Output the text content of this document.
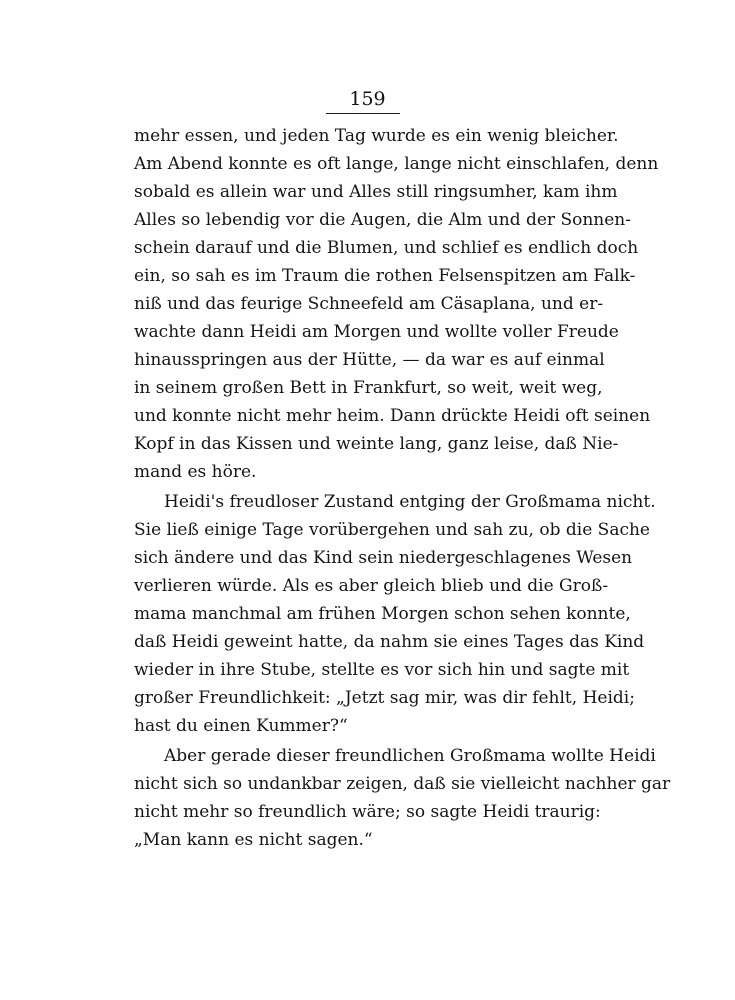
159
mehr essen, und jeden Tag wurde es ein wenig bleicher.
Am Abend konnte es oft lange, lange nicht einschlafen, denn
sobald es allein war und Alles still ringsumher, kam ihm
Alles so lebendig vor die Augen, die Alm und der Sonnen-
schein darauf und die Blumen, und schlief es endlich doch
ein, so sah es im Traum die rothen Felsenspitzen am Falk-
niß und das feurige Schneefeld am Cäsaplana, und er-
wachte dann Heidi am Morgen und wollte voller Freude
hinausspringen aus der Hütte, — da war es auf einmal
in seinem großen Bett in Frankfurt, so weit, weit weg,
und konnte nicht mehr heim. Dann drückte Heidi oft seinen
Kopf in das Kissen und weinte lang, ganz leise, daß Nie-
mand es höre.
Heidi's freudloser Zustand entging der Großmama nicht.
Sie ließ einige Tage vorübergehen und sah zu, ob die Sache
sich ändere und das Kind sein niedergeschlagenes Wesen
verlieren würde. Als es aber gleich blieb und die Groß-
mama manchmal am frühen Morgen schon sehen konnte,
daß Heidi geweint hatte, da nahm sie eines Tages das Kind
wieder in ihre Stube, stellte es vor sich hin und sagte mit
großer Freundlichkeit: „Jetzt sag mir, was dir fehlt, Heidi;
hast du einen Kummer?“
Aber gerade dieser freundlichen Großmama wollte Heidi
nicht sich so undankbar zeigen, daß sie vielleicht nachher gar
nicht mehr so freundlich wäre; so sagte Heidi traurig:
„Man kann es nicht sagen.“
